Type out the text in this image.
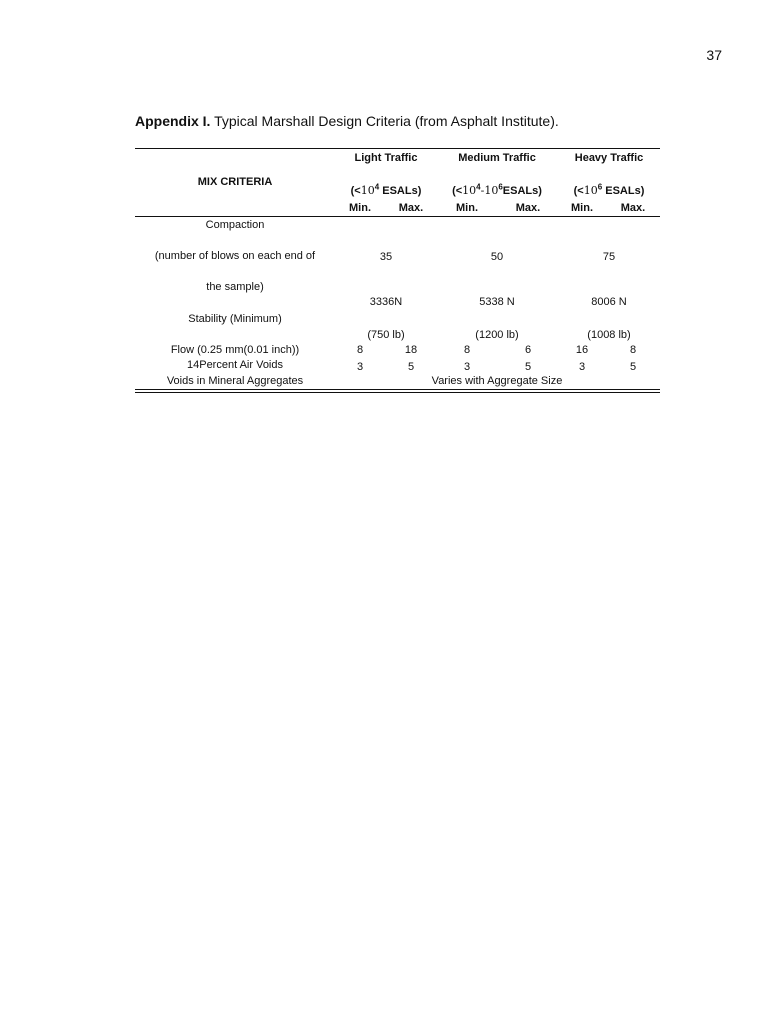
37
Appendix I. Typical Marshall Design Criteria (from Asphalt Institute).
MIX CRITERIA
Light Traffic	Medium Traffic	Heavy Traffic
($<10^4$ ESALs)	$(<10^4-10^6ESALs)$	($<10^6$ ESALs)
Min.	Max.	Min.	Max.	Min.	Max.
Compaction
(number of blows on each end of
the sample)
35	50	75
3336N	5338 N	8006 N
Stability (Minimum)
(750 lb)	(1200 lb)	(1008 lb)
Flow (0.25 mm(0.01 inch))	8	18	8	6	16	8
14Percent Air Voids	3	5	3	5	3	5
Voids in Mineral Aggregates	Varies with Aggregate Size
